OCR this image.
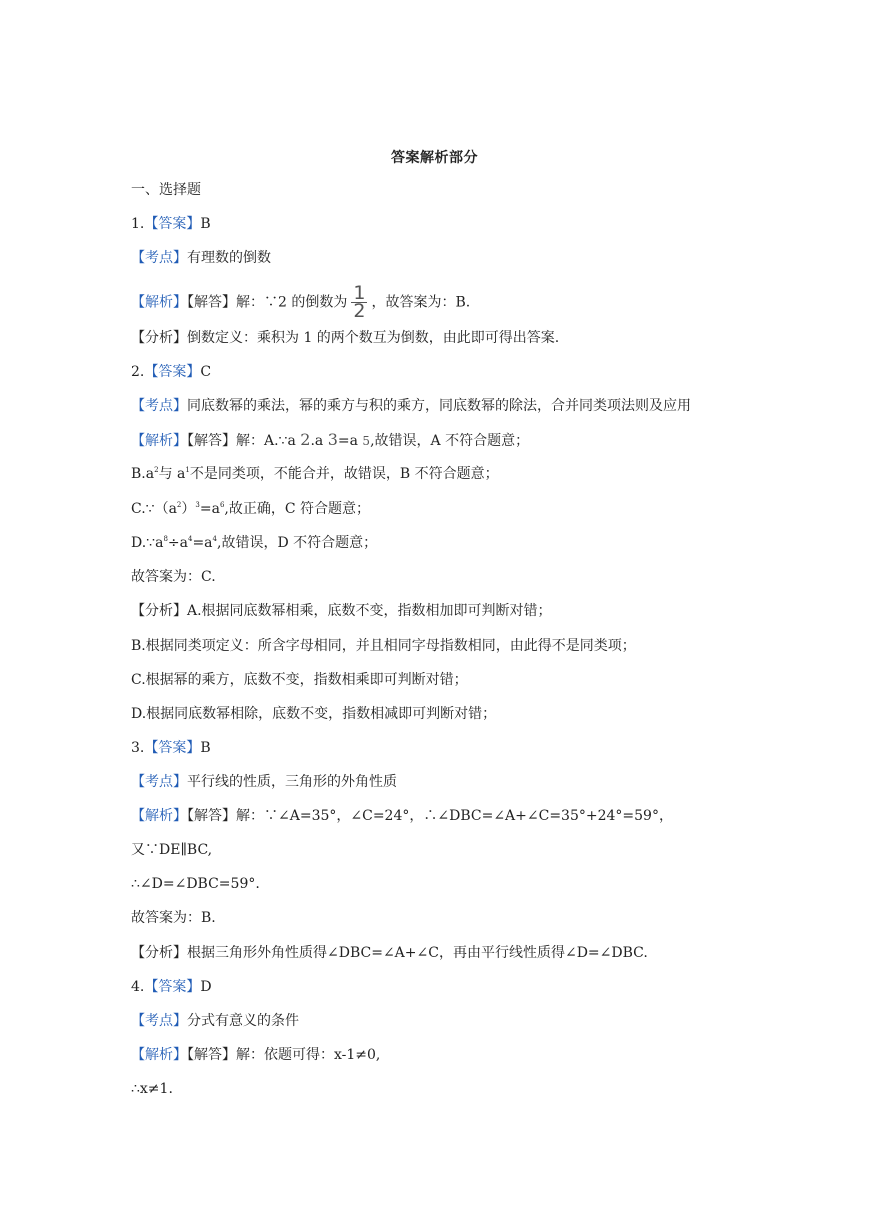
答案解析部分
一、选择题
1.【答案】B
【考点】有理数的倒数
【解析】【解答】解：∵2 的倒数为 $\frac{1}{2}$ ，故答案为：B.
【分析】倒数定义：乘积为 1 的两个数互为倒数，由此即可得出答案.
2.【答案】C
【考点】同底数幂的乘法，幂的乘方与积的乘方，同底数幂的除法，合并同类项法则及应用
【解析】【解答】解：A.∵a 2.a 3=a 5,故错误，A 不符合题意；
$B.a^2$与 $a^1$不是同类项，不能合并，故错误，B 不符合题意；
$C.\because(a^2)^3=a^6$,故正确，C 符合题意；
$D.\because a^8\div a^4=a^4$,故错误，D 不符合题意；
故答案为：C.
【分析】A.根据同底数幂相乘，底数不变，指数相加即可判断对错；
B.根据同类项定义：所含字母相同，并且相同字母指数相同，由此得不是同类项；
C.根据幂的乘方，底数不变，指数相乘即可判断对错；
D.根据同底数幂相除，底数不变，指数相减即可判断对错；
3.【答案】B
【考点】平行线的性质，三角形的外角性质
【解析】【解答】解：∵∠A=35°，∠C=24°，∴∠DBC=∠A+∠C=35°+24°=59°，
又∵DE∥BC,
∴∠D=∠DBC=59°.
故答案为：B.
【分析】根据三角形外角性质得∠DBC=∠A+∠C，再由平行线性质得∠D=∠DBC.
4.【答案】D
【考点】分式有意义的条件
【解析】【解答】解：依题可得：x-1≠0,
∴x≠1.
